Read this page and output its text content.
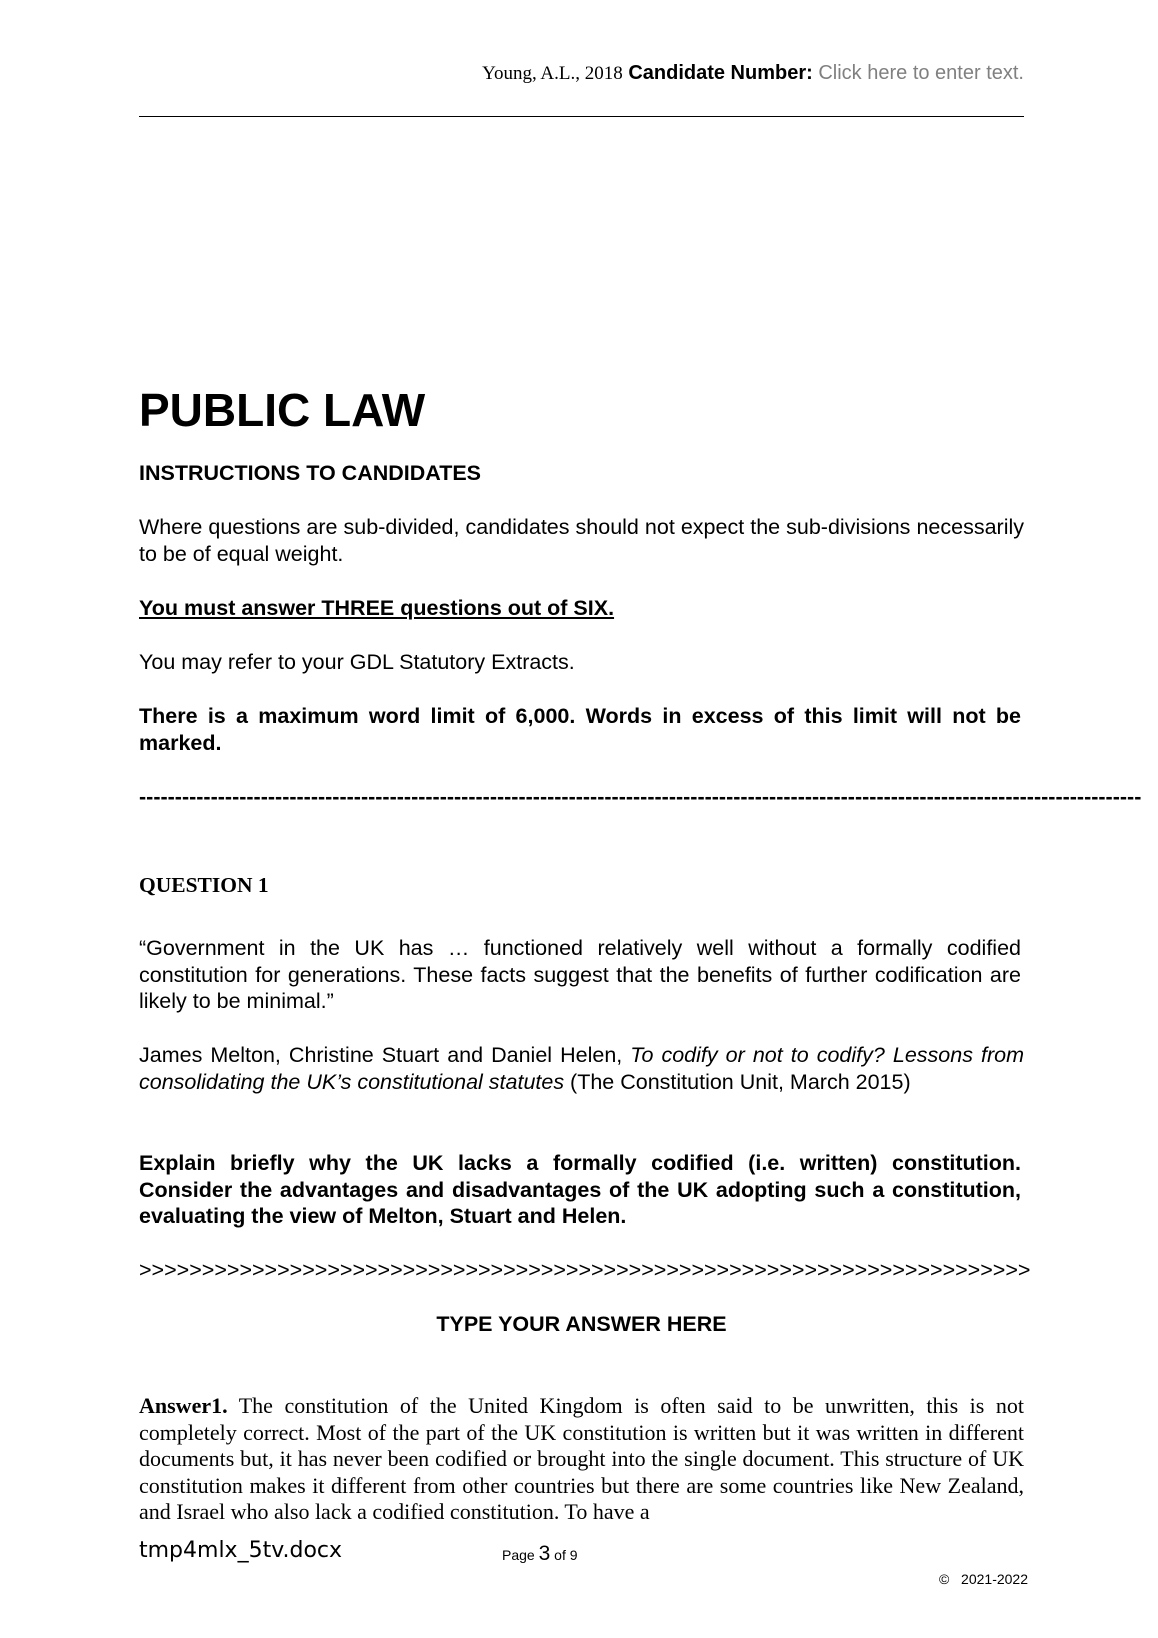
Young, A.L., 2018 Candidate Number: Click here to enter text.
PUBLIC LAW

INSTRUCTIONS TO CANDIDATES

Where questions are sub-divided, candidates should not expect the sub-divisions necessarily to be of equal weight.

You must answer THREE questions out of SIX.

You may refer to your GDL Statutory Extracts.

There is a maximum word limit of 6,000. Words in excess of this limit will not be marked.

--------------------------------------------------------------------------------------------------------------------------------------------

QUESTION 1

“Government in the UK has … functioned relatively well without a formally codified constitution for generations. These facts suggest that the benefits of further codification are likely to be minimal.”

James Melton, Christine Stuart and Daniel Helen, To codify or not to codify? Lessons from consolidating the UK’s constitutional statutes (The Constitution Unit, March 2015)

Explain briefly why the UK lacks a formally codified (i.e. written) constitution. Consider the advantages and disadvantages of the UK adopting such a constitution, evaluating the view of Melton, Stuart and Helen.

>>>>>>>>>>>>>>>>>>>>>>>>>>>>>>>>>>>>>>>>>>>>>>>>>>>>>>>>>>>>>>>>>>>>>>>

TYPE YOUR ANSWER HERE

Answer1. The constitution of the United Kingdom is often said to be unwritten, this is not completely correct. Most of the part of the UK constitution is written but it was written in different documents but, it has never been codified or brought into the single document. This structure of UK constitution makes it different from other countries but there are some countries like New Zealand, and Israel who also lack a codified constitution. To have a

tmp4mlx_5tv.docx	Page 3 of 9
© 2021-2022
